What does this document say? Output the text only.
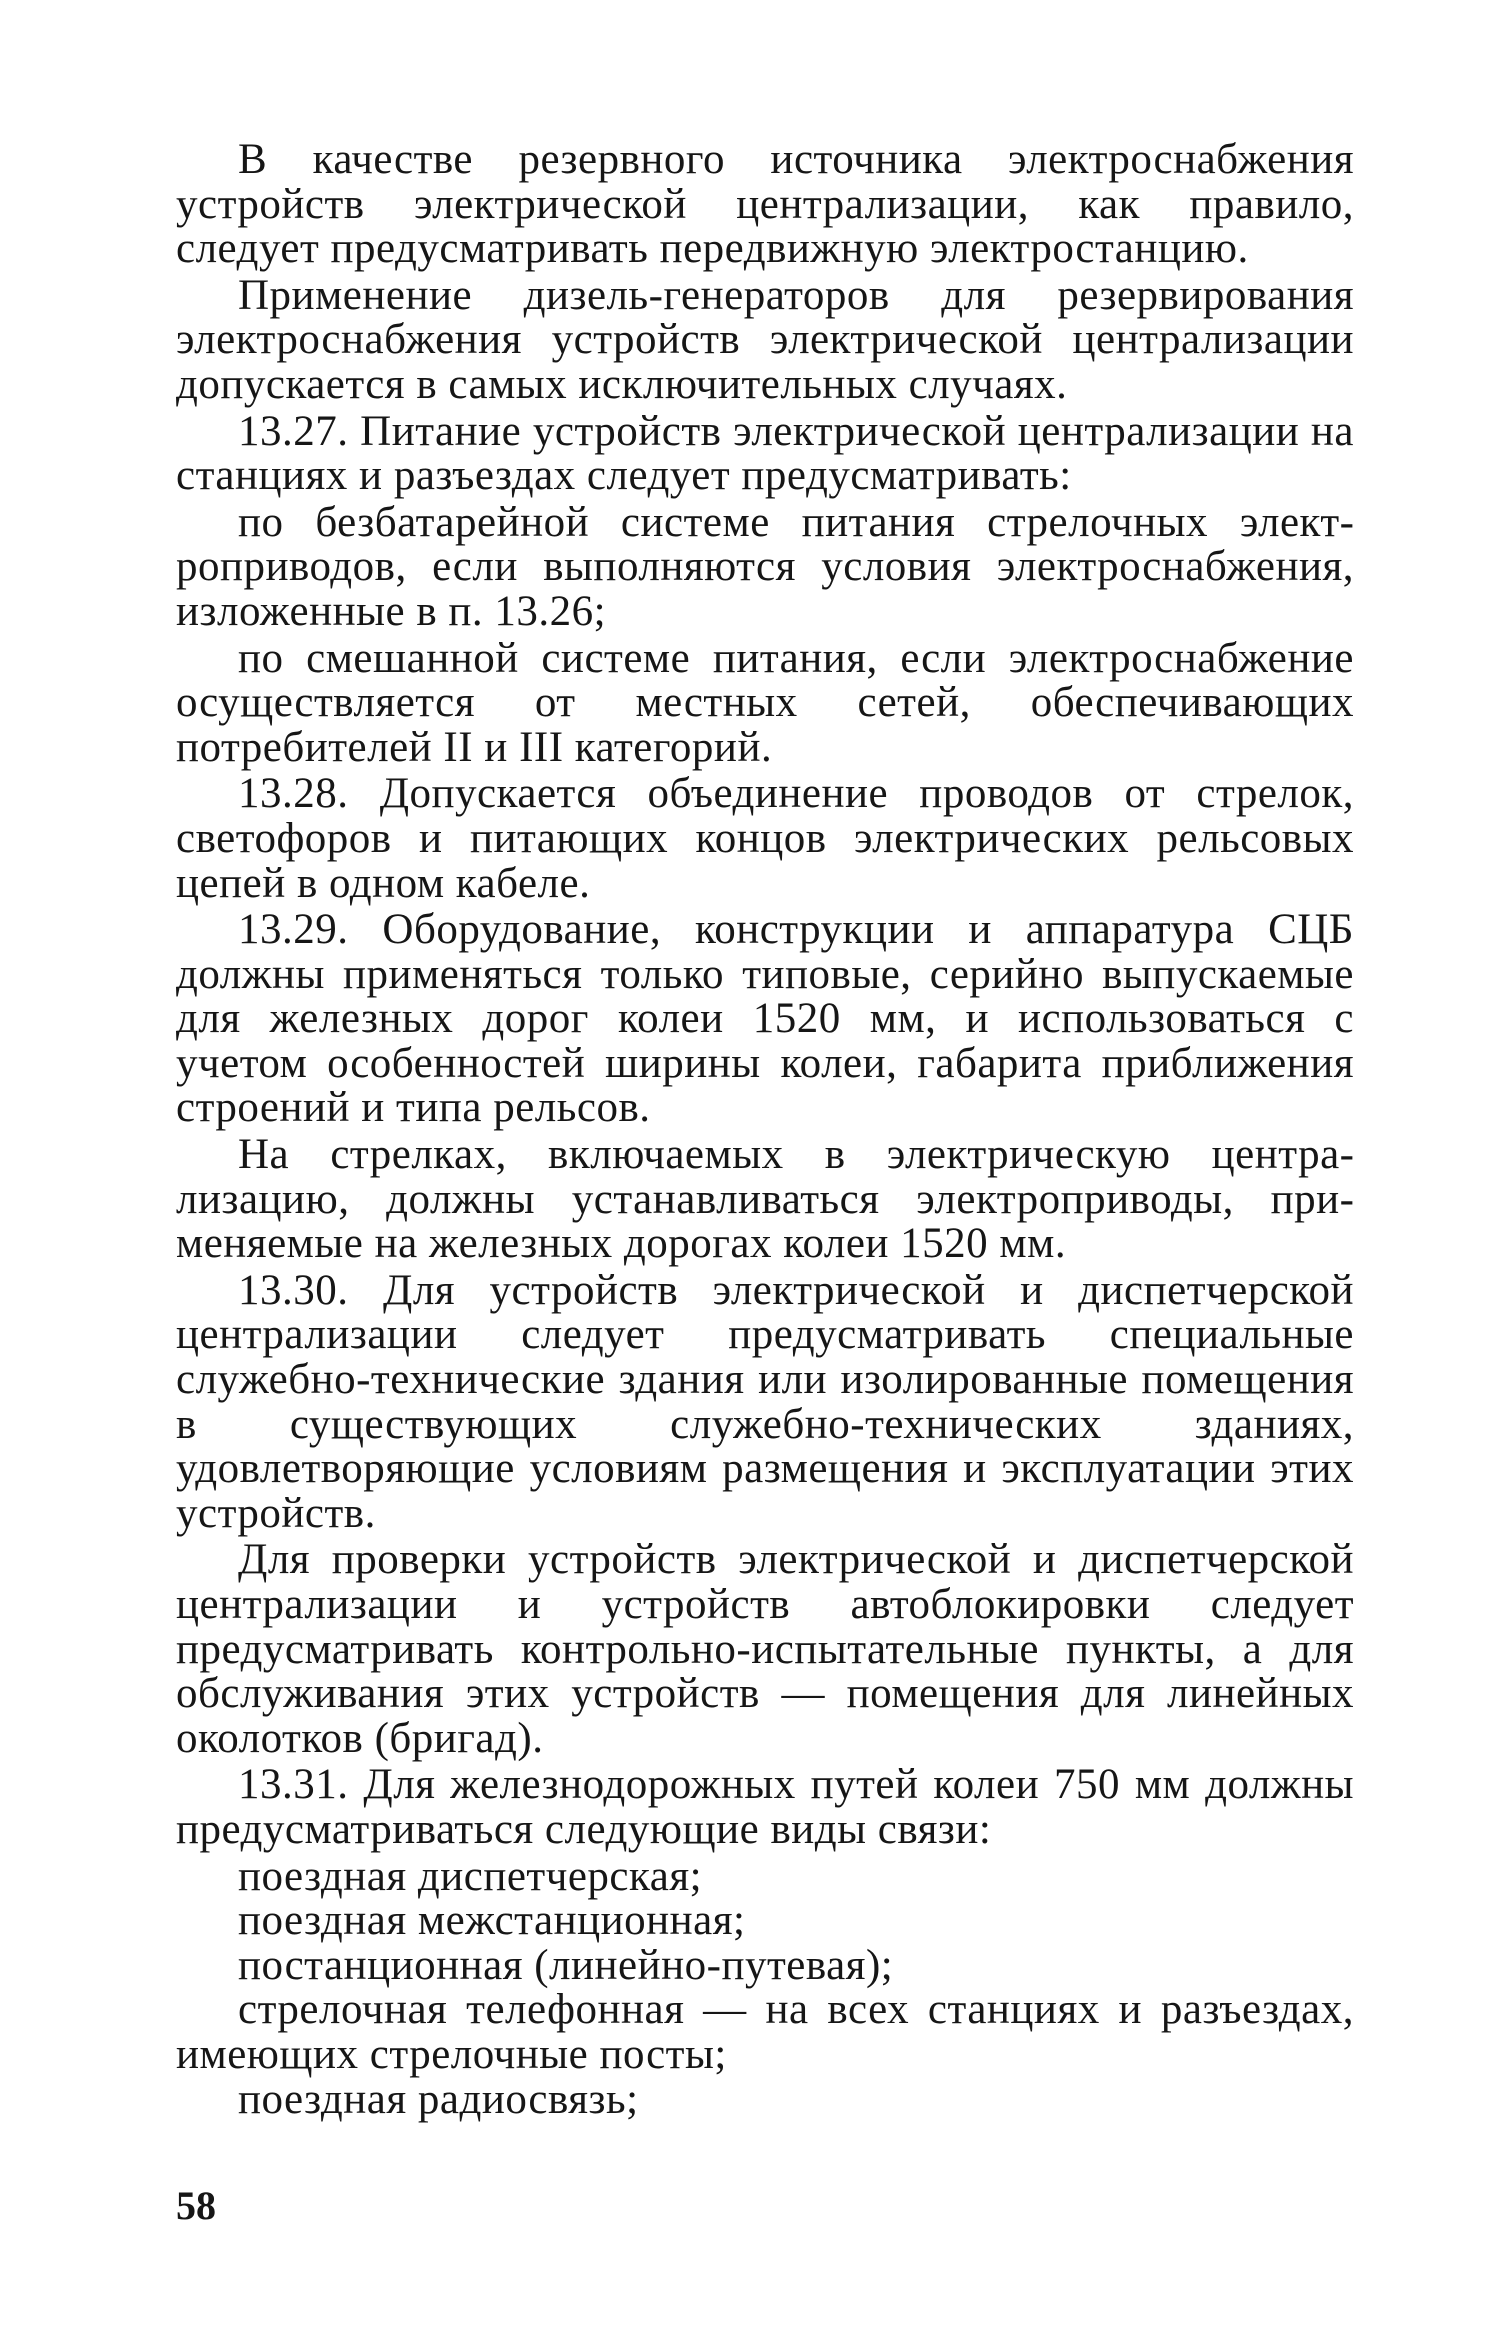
В качестве резервного источника электроснабжения устройств электрической централизации, как правило, следует предусматривать передвижную электростанцию.

Применение дизель-генераторов для резервирования электроснабжения устройств электрической централизации допускается в самых исключительных случаях.

13.27. Питание устройств электрической централизации на станциях и разъездах следует предусматривать:

по безбатарейной системе питания стрелочных электроприводов, если выполняются условия электроснабжения, изложенные в п. 13.26;

по смешанной системе питания, если электроснабжение осуществляется от местных сетей, обеспечивающих потребителей II и III категорий.

13.28. Допускается объединение проводов от стрелок, светофоров и питающих концов электрических рельсовых цепей в одном кабеле.

13.29. Оборудование, конструкции и аппаратура СЦБ должны применяться только типовые, серийно выпускаемые для железных дорог колеи 1520 мм, и использоваться с учетом особенностей ширины колеи, габарита приближения строений и типа рельсов.

На стрелках, включаемых в электрическую централизацию, должны устанавливаться электроприводы, применяемые на железных дорогах колеи 1520 мм.

13.30. Для устройств электрической и диспетчерской централизации следует предусматривать специальные служебно-технические здания или изолированные помещения в существующих служебно-технических зданиях, удовлетворяющие условиям размещения и эксплуатации этих устройств.

Для проверки устройств электрической и диспетчерской централизации и устройств автоблокировки следует предусматривать контрольно-испытательные пункты, а для обслуживания этих устройств — помещения для линейных околотков (бригад).

13.31. Для железнодорожных путей колеи 750 мм должны предусматриваться следующие виды связи:

поездная диспетчерская;

поездная межстанционная;

постанционная (линейно-путевая);

стрелочная телефонная — на всех станциях и разъездах, имеющих стрелочные посты;

поездная радиосвязь;

58
